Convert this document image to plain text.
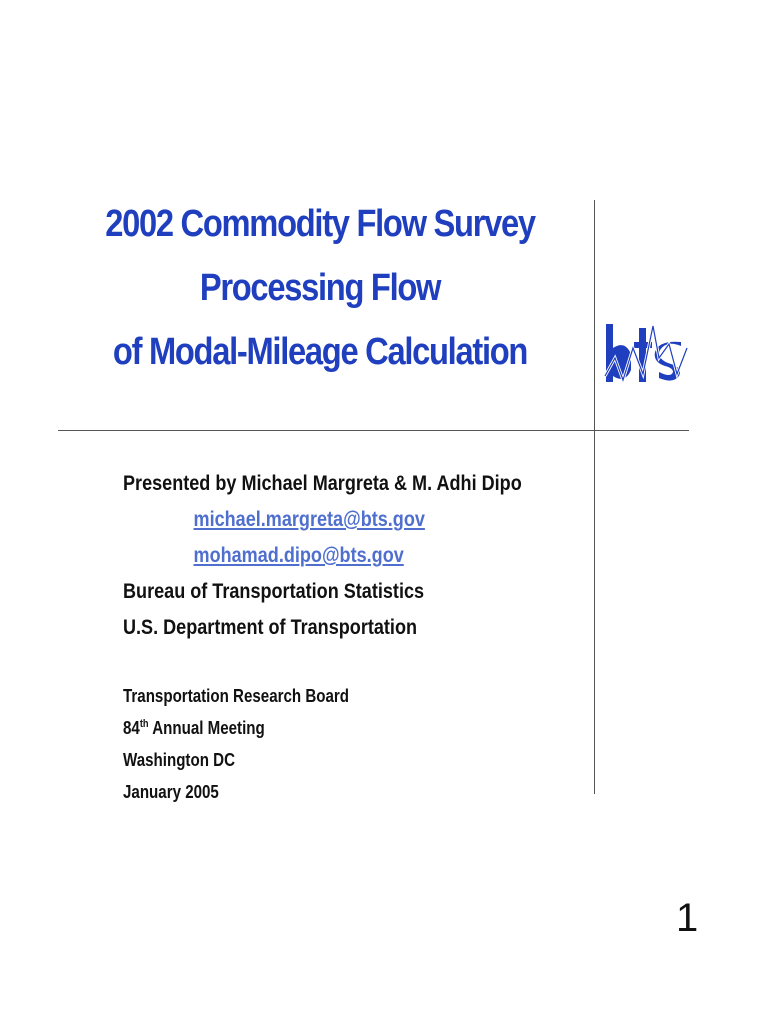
2002 Commodity Flow Survey
Processing Flow
of Modal-Mileage Calculation
Presented by Michael Margreta & M. Adhi Dipo
michael.margreta@bts.gov
mohamad.dipo@bts.gov
Bureau of Transportation Statistics
U.S. Department of Transportation
Transportation Research Board
84th Annual Meeting
Washington DC
January 2005
1
